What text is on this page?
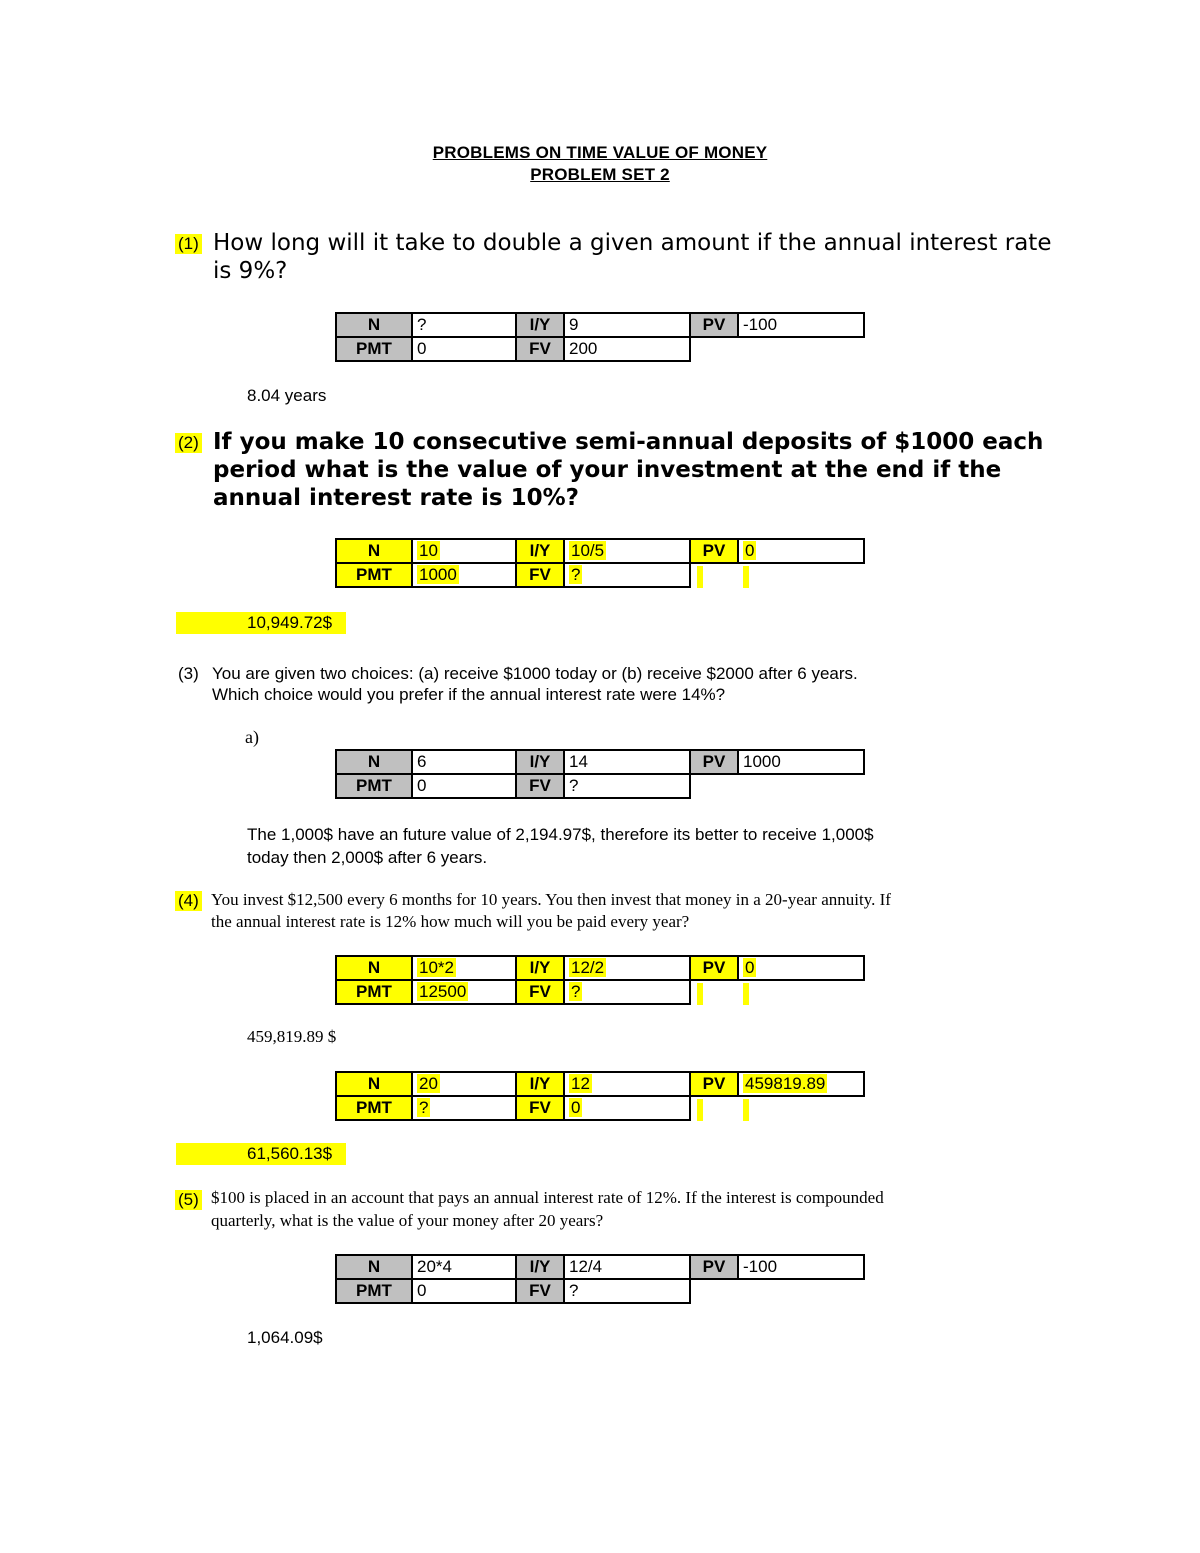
PROBLEMS ON TIME VALUE OF MONEY
PROBLEM SET 2
(1) How long will it take to double a given amount if the annual interest rate is 9%?
N	?	I/Y	9	PV	-100
PMT	0	FV	200
8.04 years
(2) If you make 10 consecutive semi-annual deposits of $1000 each period what is the value of your investment at the end if the annual interest rate is 10%?
N	10	I/Y	10/5	PV	0
PMT	1000	FV	?
10,949.72$
(3) You are given two choices: (a) receive $1000 today or (b) receive $2000 after 6 years.
Which choice would you prefer if the annual interest rate were 14%?
a)
N	6	I/Y	14	PV	1000
PMT	0	FV	?
The 1,000$ have an future value of 2,194.97$, therefore its better to receive 1,000$
today then 2,000$ after 6 years.
(4) You invest $12,500 every 6 months for 10 years. You then invest that money in a 20-year annuity. If
the annual interest rate is 12% how much will you be paid every year?
N	10*2	I/Y	12/2	PV	0
PMT	12500	FV	?
459,819.89 $
N	20	I/Y	12	PV	459819.89
PMT	?	FV	0
61,560.13$
(5) $100 is placed in an account that pays an annual interest rate of 12%. If the interest is compounded
quarterly, what is the value of your money after 20 years?
N	20*4	I/Y	12/4	PV	-100
PMT	0	FV	?
1,064.09$
